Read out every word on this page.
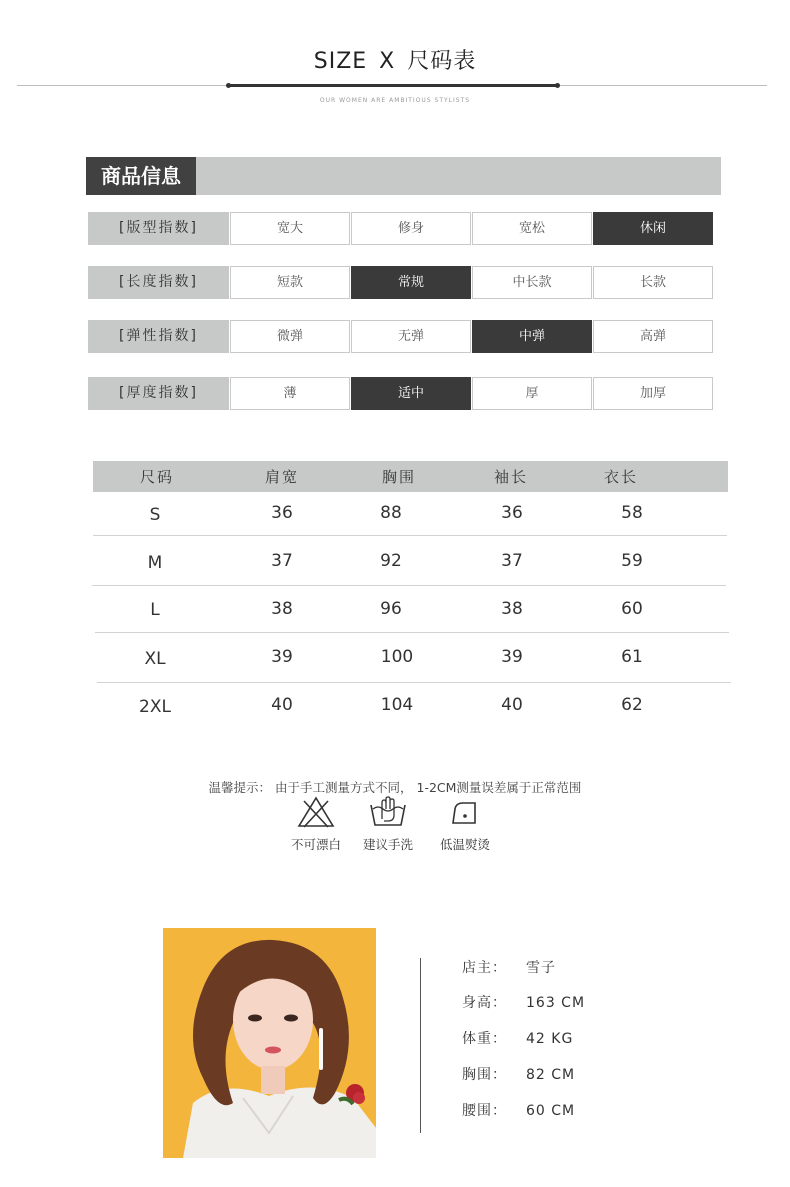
SIZE X 尺码表
OUR WOMEN ARE AMBITIOUS STYLISTS
商品信息
[版型指数]	宽大	修身	宽松	休闲
[长度指数]	短款	常规	中长款	长款
[弹性指数]	微弹	无弹	中弹	高弹
[厚度指数]	薄	适中	厚	加厚
尺码	肩宽	胸围	袖长	衣长
S	36	88	36	58
M	37	92	37	59
L	38	96	38	60
XL	39	100	39	61
2XL	40	104	40	62
温馨提示： 由于手工测量方式不同， 1-2CM测量误差属于正常范围
不可漂白	建议手洗	低温熨烫
店主： 雪子
身高： 163 CM
体重： 42 KG
胸围： 82 CM
腰围： 60 CM
